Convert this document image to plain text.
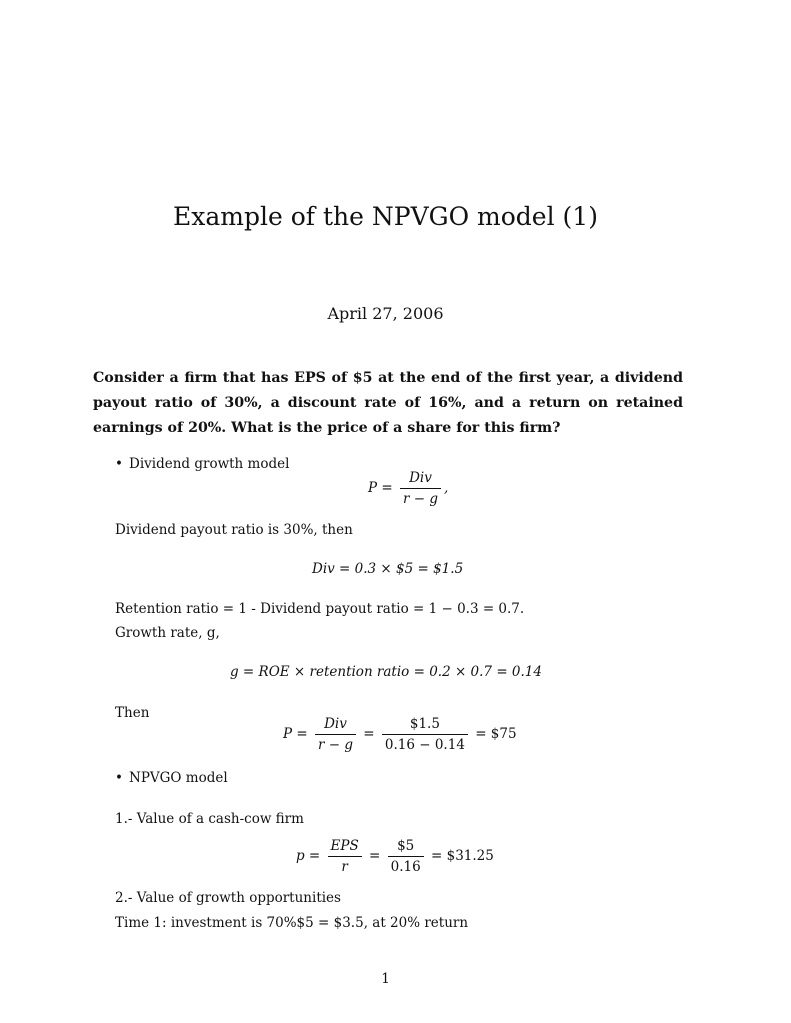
Example of the NPVGO model (1)
April 27, 2006
Consider a firm that has EPS of $5 at the end of the first year, a dividend payout ratio of 30%, a discount rate of 16%, and a return on retained earnings of 20%. What is the price of a share for this firm?
• Dividend growth model
$P = \frac{\text{Div}}{r - g}$ ,
Dividend payout ratio is 30%, then
Div = 0.3 × $5 = $1.5
Retention ratio = 1 - Dividend payout ratio = 1 − 0.3 = 0.7.
Growth rate, g,
g = ROE × retention ratio = 0.2 × 0.7 = 0.14
Then
$P = \frac{\text{Div}}{r - g} = \frac{\$1.5}{0.16 - 0.14}$ = $75
• NPVGO model
1.- Value of a cash-cow firm
$p = \frac{\text{EPS}}{r} = \frac{\$5}{0.16}$ = $31.25
2.- Value of growth opportunities
Time 1: investment is 70%$5 = $3.5, at 20% return
1
